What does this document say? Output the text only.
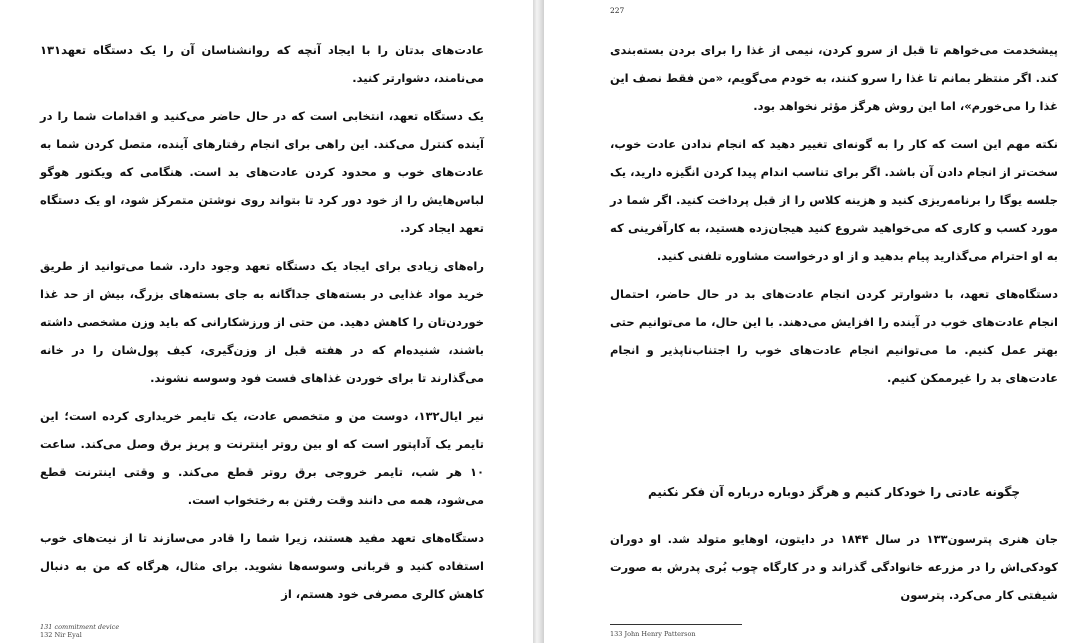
عادت‌های بدتان را با ایجاد آنچه که روانشناسان آن را یک دستگاه تعهد۱۳۱ می‌نامند، دشوارتر کنید.

یک دستگاه تعهد، انتخابی است که در حال حاضر می‌کنید و اقدامات شما را در آینده کنترل می‌کند. این راهی برای انجام رفتارهای آینده، متصل کردن شما به عادت‌های خوب و محدود کردن عادت‌های بد است. هنگامی که ویکتور هوگو لباس‌هایش را از خود دور کرد تا بتواند روی نوشتن متمرکز شود، او یک دستگاه تعهد ایجاد کرد.

راه‌های زیادی برای ایجاد یک دستگاه تعهد وجود دارد. شما می‌توانید از طریق خرید مواد غذایی در بسته‌های جداگانه به جای بسته‌های بزرگ، بیش از حد غذا خوردن‌تان را کاهش دهید. من حتی از ورزشکارانی که باید وزن مشخصی داشته باشند، شنیده‌ام که در هفته قبل از وزن‌گیری، کیف پول‌شان را در خانه می‌گذارند تا برای خوردن غذاهای فست فود وسوسه نشوند.

نیر ایال۱۳۲، دوست من و متخصص عادت، یک تایمر خریداری کرده است؛ این تایمر یک آداپتور است که او بین روتر اینترنت و پریز برق وصل می‌کند. ساعت ۱۰ هر شب، تایمر خروجی برق روتر قطع می‌کند. و وقتی اینترنت قطع می‌شود، همه می دانند وقت رفتن به رختخواب است.

دستگاه‌های تعهد مفید هستند، زیرا شما را قادر می‌سازند تا از نیت‌های خوب استفاده کنید و قربانی وسوسه‌ها نشوید. برای مثال، هرگاه که من به دنبال کاهش کالری مصرفی خود هستم، از

131 commitment device
132 Nir Eyal
227

پیشخدمت می‌خواهم تا قبل از سرو کردن، نیمی از غذا را برای بردن بسته‌بندی کند. اگر منتظر بمانم تا غذا را سرو کنند، به خودم می‌گویم، «من فقط نصف این غذا را می‌خورم»، اما این روش هرگز مؤثر نخواهد بود.

نکته مهم این است که کار را به گونه‌ای تغییر دهید که انجام ندادن عادت خوب، سخت‌تر از انجام دادن آن باشد. اگر برای تناسب اندام پیدا کردن انگیزه دارید، یک جلسه یوگا را برنامه‌ریزی کنید و هزینه کلاس را از قبل پرداخت کنید. اگر شما در مورد کسب و کاری که می‌خواهید شروع کنید هیجان‌زده هستید، به کارآفرینی که به او احترام می‌گذارید پیام بدهید و از او درخواست مشاوره تلفنی کنید.

دستگاه‌های تعهد، با دشوارتر کردن انجام عادت‌های بد در حال حاضر، احتمال انجام عادت‌های خوب در آینده را افزایش می‌دهند. با این حال، ما می‌توانیم حتی بهتر عمل کنیم. ما می‌توانیم انجام عادت‌های خوب را اجتناب‌ناپذیر و انجام عادت‌های بد را غیرممکن کنیم.

چگونه عادتی را خودکار کنیم و هرگز دوباره درباره آن فکر نکنیم

جان هنری پترسون۱۳۳ در سال ۱۸۴۴ در دایتون، اوهایو متولد شد. او دوران کودکی‌اش را در مزرعه خانوادگی گذراند و در کارگاه چوب بُری پدرش به صورت شیفتی کار می‌کرد. پترسون

133 John Henry Patterson
